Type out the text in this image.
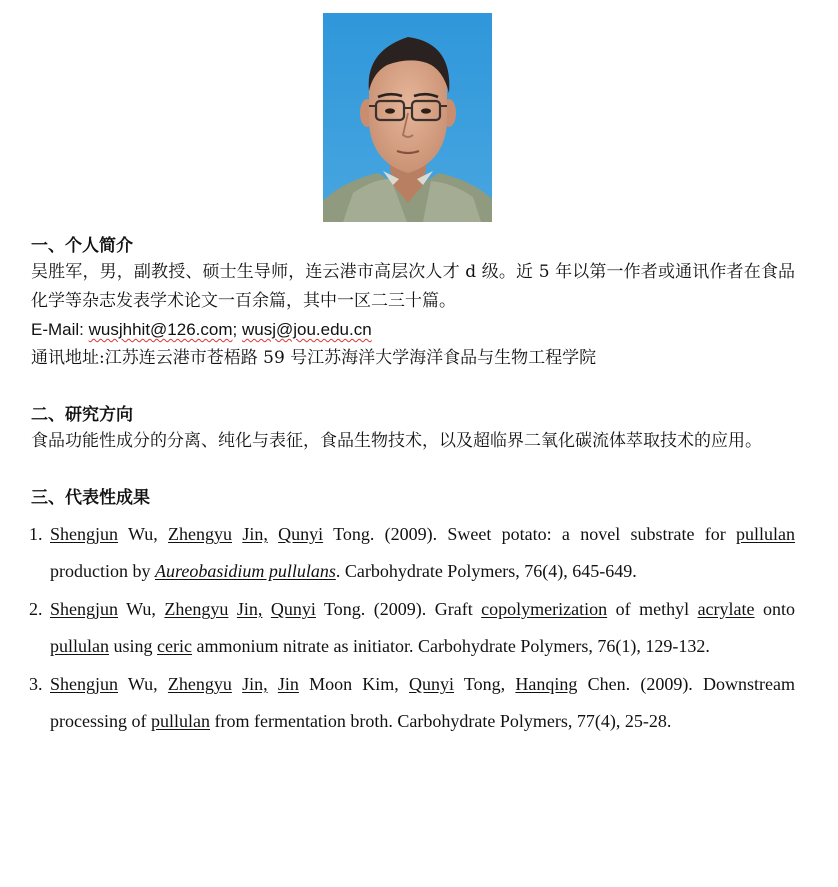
一、个人简介

吴胜军，男，副教授、硕士生导师，连云港市高层次人才 d 级。近 5 年以第一作者或通讯作者在食品化学等杂志发表学术论文一百余篇，其中一区二三十篇。

E-Mail: wusjhhit@126.com; wusj@jou.edu.cn

通讯地址:江苏连云港市苍梧路 59 号江苏海洋大学海洋食品与生物工程学院

二、研究方向

食品功能性成分的分离、纯化与表征，食品生物技术，以及超临界二氧化碳流体萃取技术的应用。

三、代表性成果
1. Shengjun Wu, Zhengyu Jin, Qunyi Tong. (2009). Sweet potato: a novel substrate for pullulan production by Aureobasidium pullulans. Carbohydrate Polymers, 76(4), 645-649.
2. Shengjun Wu, Zhengyu Jin, Qunyi Tong. (2009). Graft copolymerization of methyl acrylate onto pullulan using ceric ammonium nitrate as initiator. Carbohydrate Polymers, 76(1), 129-132.
3. Shengjun Wu, Zhengyu Jin, Jin Moon Kim, Qunyi Tong, Hanqing Chen. (2009). Downstream processing of pullulan from fermentation broth. Carbohydrate Polymers, 77(4), 25-28.
